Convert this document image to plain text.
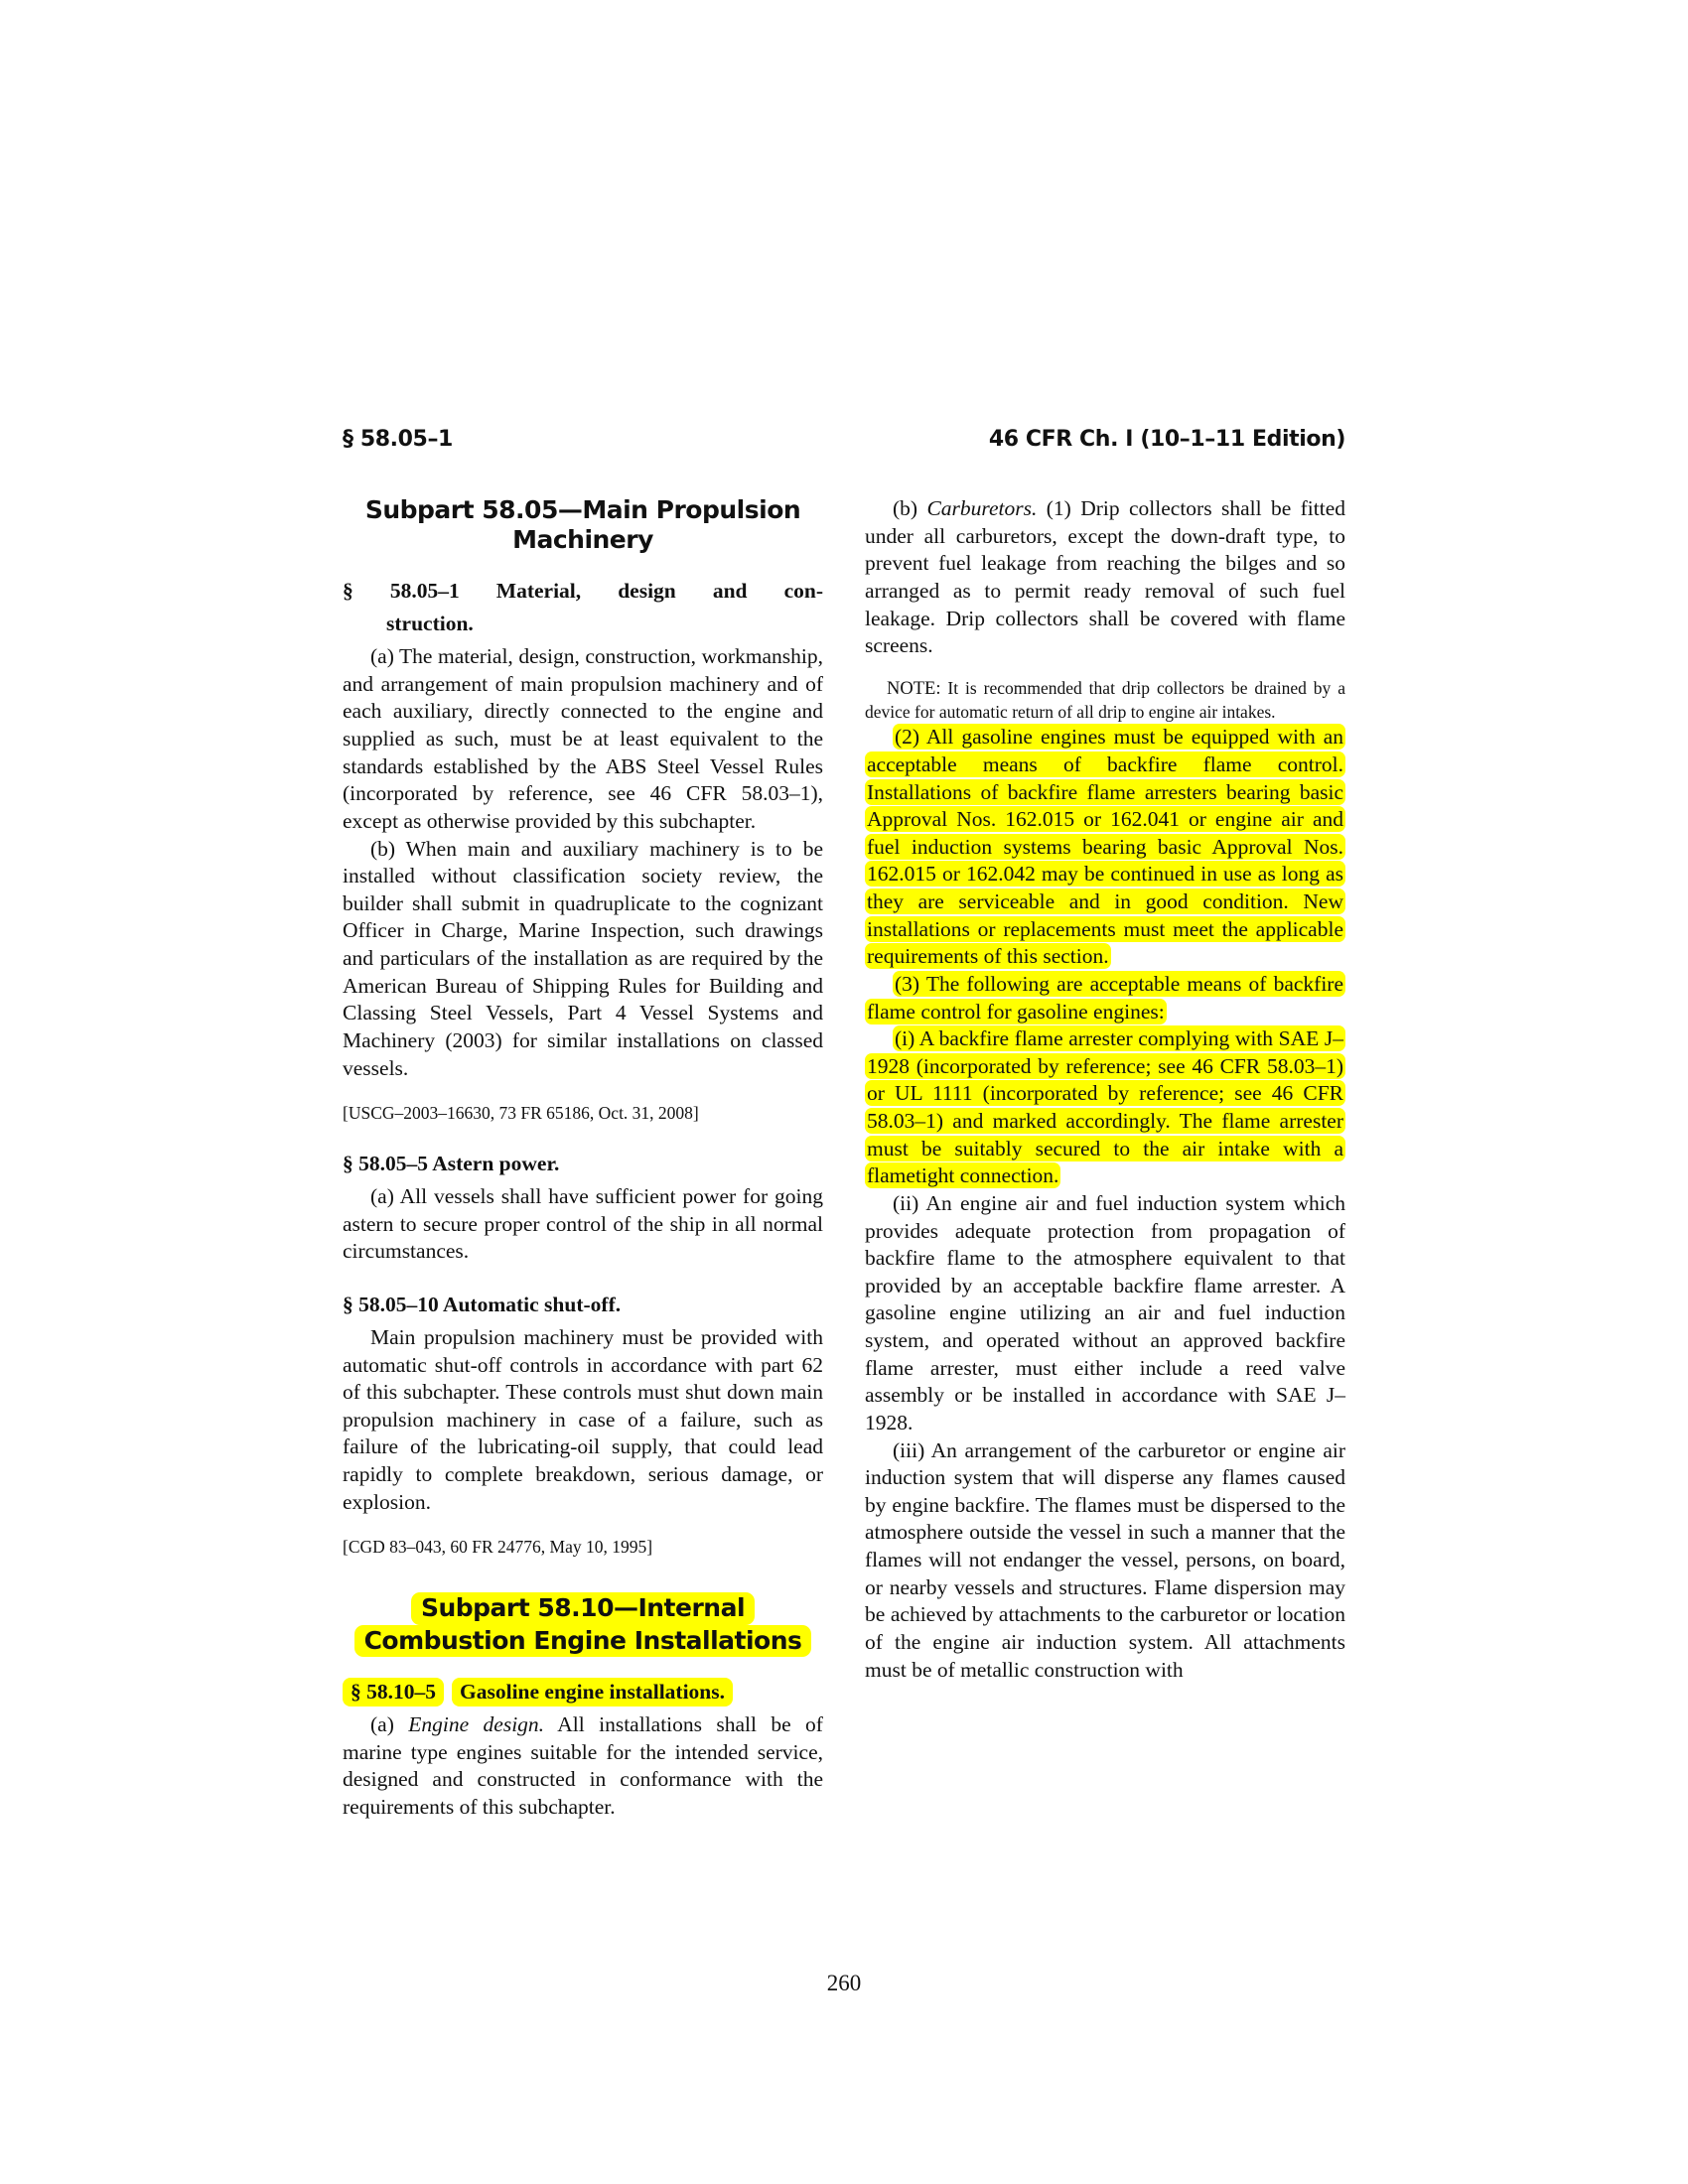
§ 58.05–1	46 CFR Ch. I (10–1–11 Edition)
Subpart 58.05—Main Propulsion
Machinery
§ 58.05–1 Material, design and con-
struction.

(a) The material, design, construction, workmanship, and arrangement of main propulsion machinery and of each auxiliary, directly connected to the engine and supplied as such, must be at least equivalent to the standards established by the ABS Steel Vessel Rules (incorporated by reference, see 46 CFR 58.03–1), except as otherwise provided by this subchapter.

(b) When main and auxiliary machinery is to be installed without classification society review, the builder shall submit in quadruplicate to the cognizant Officer in Charge, Marine Inspection, such drawings and particulars of the installation as are required by the American Bureau of Shipping Rules for Building and Classing Steel Vessels, Part 4 Vessel Systems and Machinery (2003) for similar installations on classed vessels.

[USCG–2003–16630, 73 FR 65186, Oct. 31, 2008]

§ 58.05–5 Astern power.

(a) All vessels shall have sufficient power for going astern to secure proper control of the ship in all normal circumstances.

§ 58.05–10 Automatic shut-off.

Main propulsion machinery must be provided with automatic shut-off controls in accordance with part 62 of this subchapter. These controls must shut down main propulsion machinery in case of a failure, such as failure of the lubricating-oil supply, that could lead rapidly to complete breakdown, serious damage, or explosion.

[CGD 83–043, 60 FR 24776, May 10, 1995]

Subpart 58.10—Internal
Combustion Engine Installations
§ 58.10–5 Gasoline engine installations.

(a) Engine design. All installations shall be of marine type engines suitable for the intended service, designed and constructed in conformance with the requirements of this subchapter.

(b) Carburetors. (1) Drip collectors shall be fitted under all carburetors, except the down-draft type, to prevent fuel leakage from reaching the bilges and so arranged as to permit ready removal of such fuel leakage. Drip collectors shall be covered with flame screens.

NOTE: It is recommended that drip collectors be drained by a device for automatic return of all drip to engine air intakes.

(2) All gasoline engines must be equipped with an acceptable means of backfire flame control. Installations of backfire flame arresters bearing basic Approval Nos. 162.015 or 162.041 or engine air and fuel induction systems bearing basic Approval Nos. 162.015 or 162.042 may be continued in use as long as they are serviceable and in good condition. New installations or replacements must meet the applicable requirements of this section.

(3) The following are acceptable means of backfire flame control for gasoline engines:

(i) A backfire flame arrester complying with SAE J–1928 (incorporated by reference; see 46 CFR 58.03–1) or UL 1111 (incorporated by reference; see 46 CFR 58.03–1) and marked accordingly. The flame arrester must be suitably secured to the air intake with a flametight connection.

(ii) An engine air and fuel induction system which provides adequate protection from propagation of backfire flame to the atmosphere equivalent to that provided by an acceptable backfire flame arrester. A gasoline engine utilizing an air and fuel induction system, and operated without an approved backfire flame arrester, must either include a reed valve assembly or be installed in accordance with SAE J–1928.

(iii) An arrangement of the carburetor or engine air induction system that will disperse any flames caused by engine backfire. The flames must be dispersed to the atmosphere outside the vessel in such a manner that the flames will not endanger the vessel, persons, on board, or nearby vessels and structures. Flame dispersion may be achieved by attachments to the carburetor or location of the engine air induction system. All attachments must be of metallic construction with

260
